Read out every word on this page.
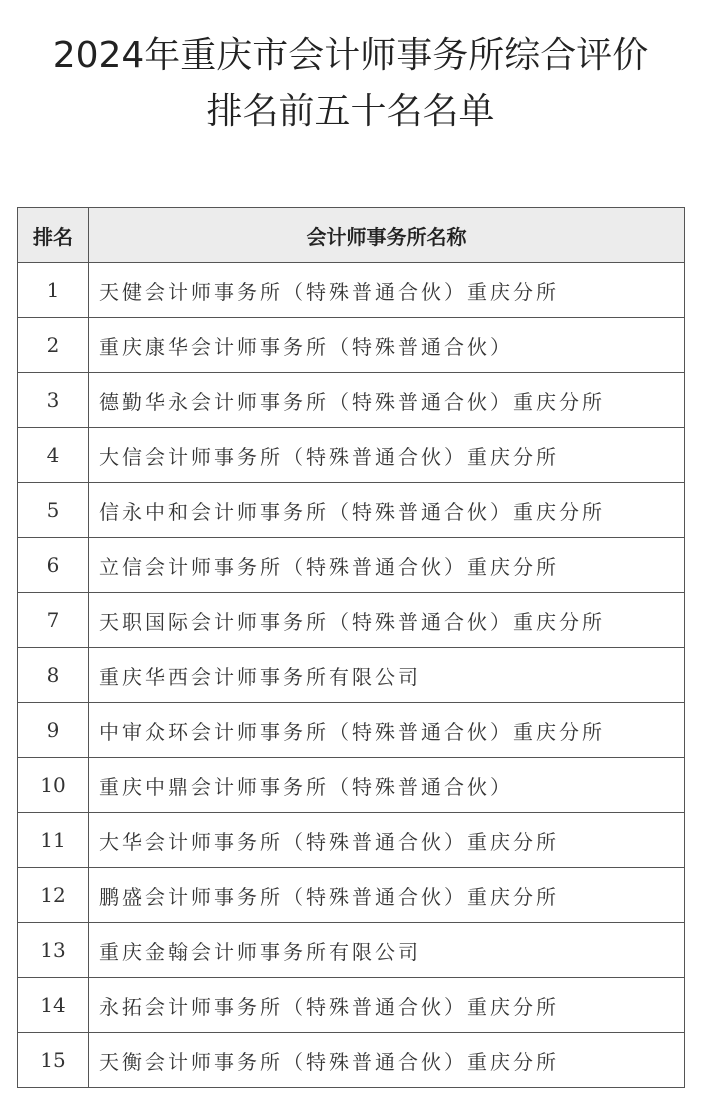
2024年重庆市会计师事务所综合评价
排名前五十名名单
排名	会计师事务所名称
1	天健会计师事务所（特殊普通合伙）重庆分所
2	重庆康华会计师事务所（特殊普通合伙）
3	德勤华永会计师事务所（特殊普通合伙）重庆分所
4	大信会计师事务所（特殊普通合伙）重庆分所
5	信永中和会计师事务所（特殊普通合伙）重庆分所
6	立信会计师事务所（特殊普通合伙）重庆分所
7	天职国际会计师事务所（特殊普通合伙）重庆分所
8	重庆华西会计师事务所有限公司
9	中审众环会计师事务所（特殊普通合伙）重庆分所
10	重庆中鼎会计师事务所（特殊普通合伙）
11	大华会计师事务所（特殊普通合伙）重庆分所
12	鹏盛会计师事务所（特殊普通合伙）重庆分所
13	重庆金翰会计师事务所有限公司
14	永拓会计师事务所（特殊普通合伙）重庆分所
15	天衡会计师事务所（特殊普通合伙）重庆分所
